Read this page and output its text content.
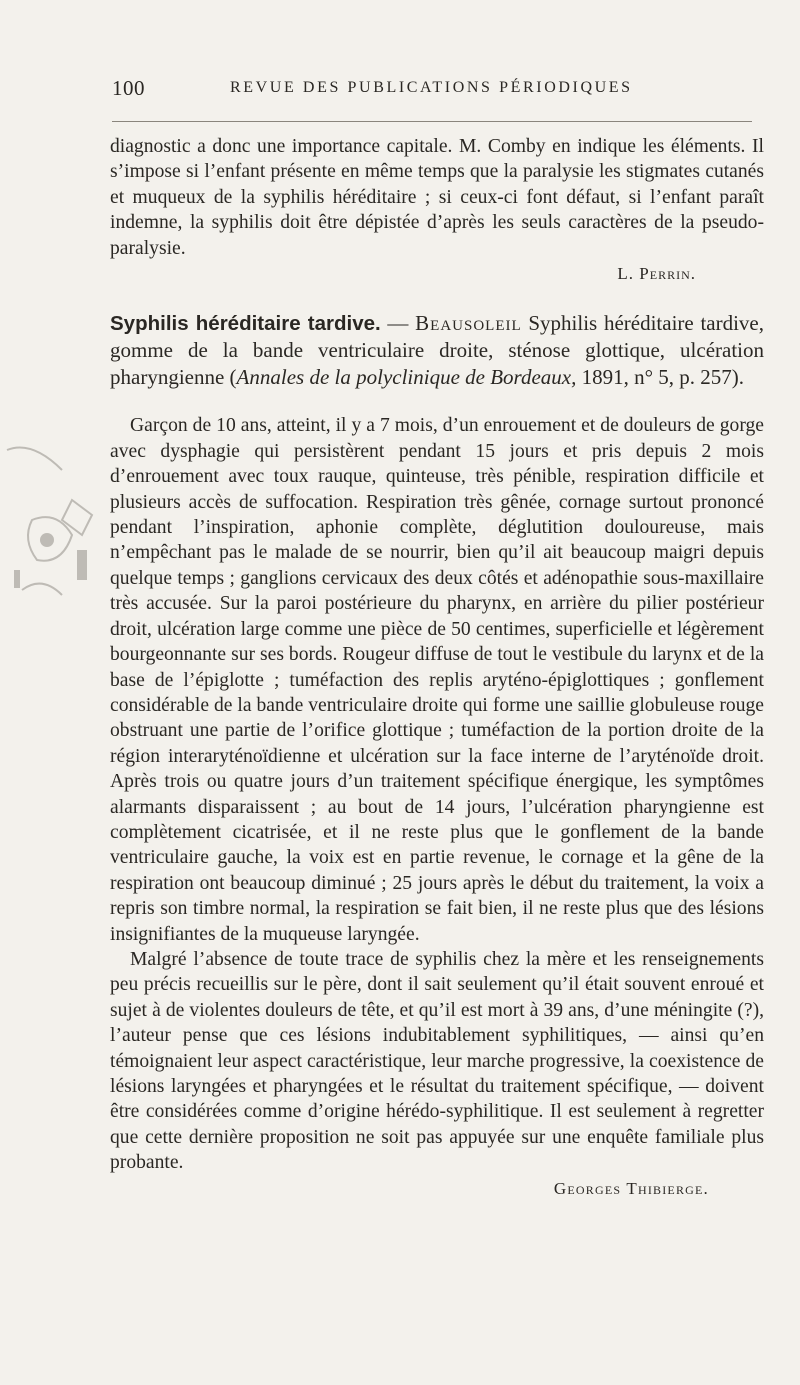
100	REVUE DES PUBLICATIONS PÉRIODIQUES

diagnostic a donc une importance capitale. M. Comby en indique les éléments. Il s’impose si l’enfant présente en même temps que la paralysie les stigmates cutanés et muqueux de la syphilis héréditaire ; si ceux-ci font défaut, si l’enfant paraît indemne, la syphilis doit être dépistée d’après les seuls caractères de la pseudo-paralysie.

L. Perrin.

Syphilis héréditaire tardive. — Beausoleil Syphilis héréditaire tardive, gomme de la bande ventriculaire droite, sténose glottique, ulcération pharyngienne (Annales de la polyclinique de Bordeaux, 1891, n° 5, p. 257).

Garçon de 10 ans, atteint, il y a 7 mois, d’un enrouement et de douleurs de gorge avec dysphagie qui persistèrent pendant 15 jours et pris depuis 2 mois d’enrouement avec toux rauque, quinteuse, très pénible, respiration difficile et plusieurs accès de suffocation. Respiration très gênée, cornage surtout prononcé pendant l’inspiration, aphonie complète, déglutition douloureuse, mais n’empêchant pas le malade de se nourrir, bien qu’il ait beaucoup maigri depuis quelque temps ; ganglions cervicaux des deux côtés et adénopathie sous-maxillaire très accusée. Sur la paroi postérieure du pharynx, en arrière du pilier postérieur droit, ulcération large comme une pièce de 50 centimes, superficielle et légèrement bourgeonnante sur ses bords. Rougeur diffuse de tout le vestibule du larynx et de la base de l’épiglotte ; tuméfaction des replis aryténo-épiglottiques ; gonflement considérable de la bande ventriculaire droite qui forme une saillie globuleuse rouge obstruant une partie de l’orifice glottique ; tuméfaction de la portion droite de la région interaryténoïdienne et ulcération sur la face interne de l’aryténoïde droit. Après trois ou quatre jours d’un traitement spécifique énergique, les symptômes alarmants disparaissent ; au bout de 14 jours, l’ulcération pharyngienne est complètement cicatrisée, et il ne reste plus que le gonflement de la bande ventriculaire gauche, la voix est en partie revenue, le cornage et la gêne de la respiration ont beaucoup diminué ; 25 jours après le début du traitement, la voix a repris son timbre normal, la respiration se fait bien, il ne reste plus que des lésions insignifiantes de la muqueuse laryngée.

Malgré l’absence de toute trace de syphilis chez la mère et les renseignements peu précis recueillis sur le père, dont il sait seulement qu’il était souvent enroué et sujet à de violentes douleurs de tête, et qu’il est mort à 39 ans, d’une méningite (?), l’auteur pense que ces lésions indubitablement syphilitiques, — ainsi qu’en témoignaient leur aspect caractéristique, leur marche progressive, la coexistence de lésions laryngées et pharyngées et le résultat du traitement spécifique, — doivent être considérées comme d’origine hérédo-syphilitique. Il est seulement à regretter que cette dernière proposition ne soit pas appuyée sur une enquête familiale plus probante.

Georges Thibierge.
